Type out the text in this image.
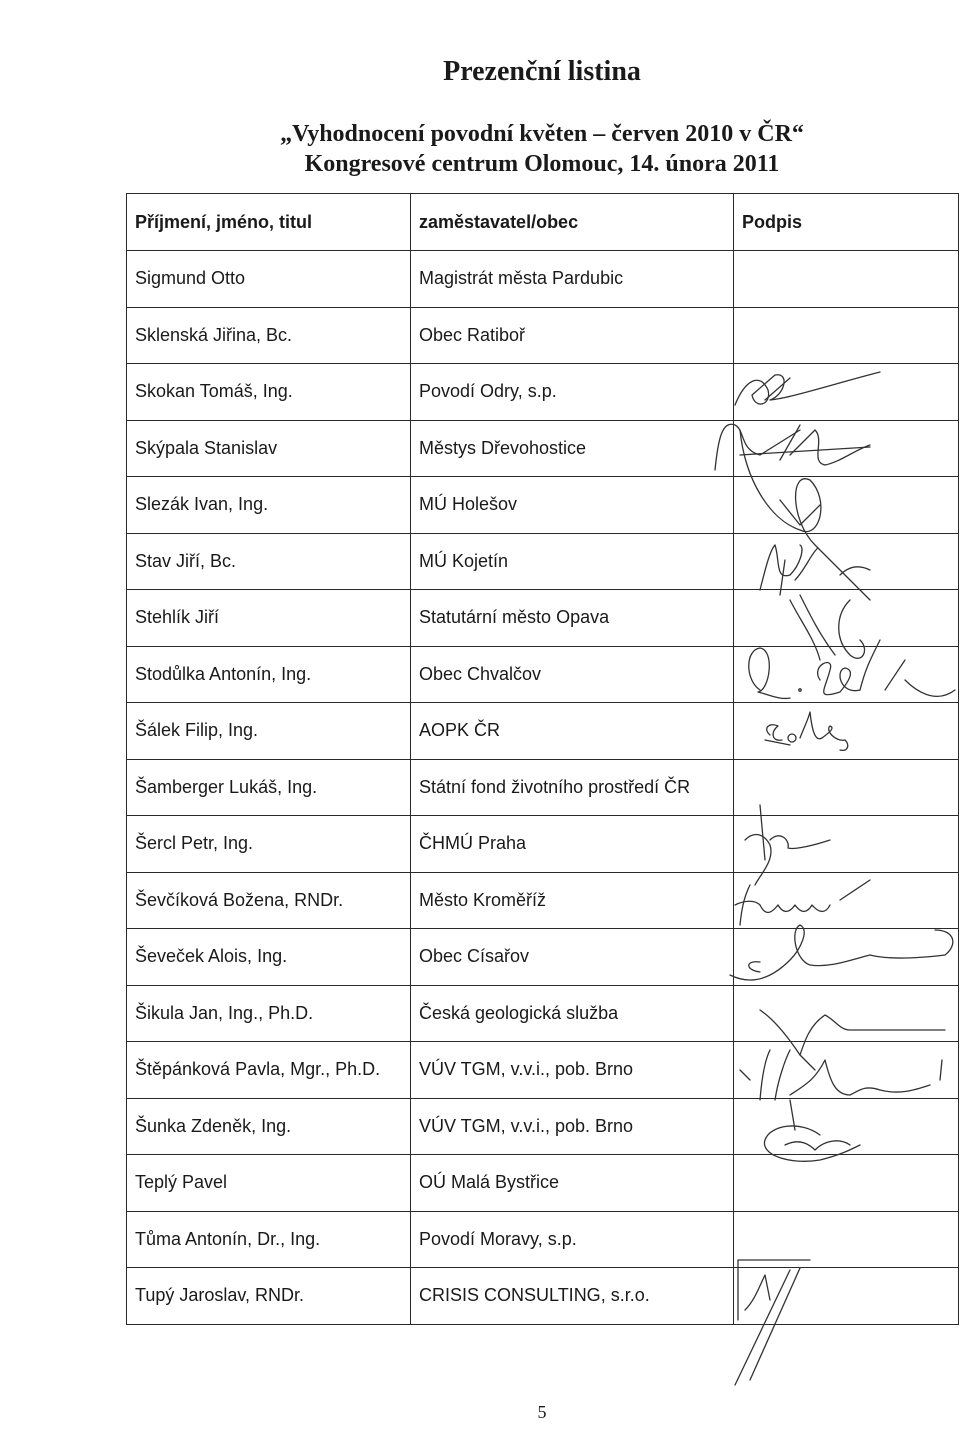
Prezenční listina
„Vyhodnocení povodní květen – červen 2010 v ČR“
Kongresové centrum Olomouc, 14. února 2011
Příjmení, jméno, titul	zaměstavatel/obec	Podpis
Sigmund Otto	Magistrát města Pardubic	
Sklenská Jiřina, Bc.	Obec Ratiboř	
Skokan Tomáš, Ing.	Povodí Odry, s.p.	
Skýpala Stanislav	Městys Dřevohostice	
Slezák Ivan, Ing.	MÚ Holešov	
Stav Jiří, Bc.	MÚ Kojetín	
Stehlík Jiří	Statutární město Opava	
Stodůlka Antonín, Ing.	Obec Chvalčov	
Šálek Filip, Ing.	AOPK ČR	
Šamberger Lukáš, Ing.	Státní fond životního prostředí ČR	
Šercl Petr, Ing.	ČHMÚ Praha	
Ševčíková Božena, RNDr.	Město Kroměříž	
Ševeček Alois, Ing.	Obec Císařov	
Šikula Jan, Ing., Ph.D.	Česká geologická služba	
Štěpánková Pavla, Mgr., Ph.D.	VÚV TGM, v.v.i., pob. Brno	
Šunka Zdeněk, Ing.	VÚV TGM, v.v.i., pob. Brno	
Teplý Pavel	OÚ Malá Bystřice	
Tůma Antonín, Dr., Ing.	Povodí Moravy, s.p.	
Tupý Jaroslav, RNDr.	CRISIS CONSULTING, s.r.o.	
5
